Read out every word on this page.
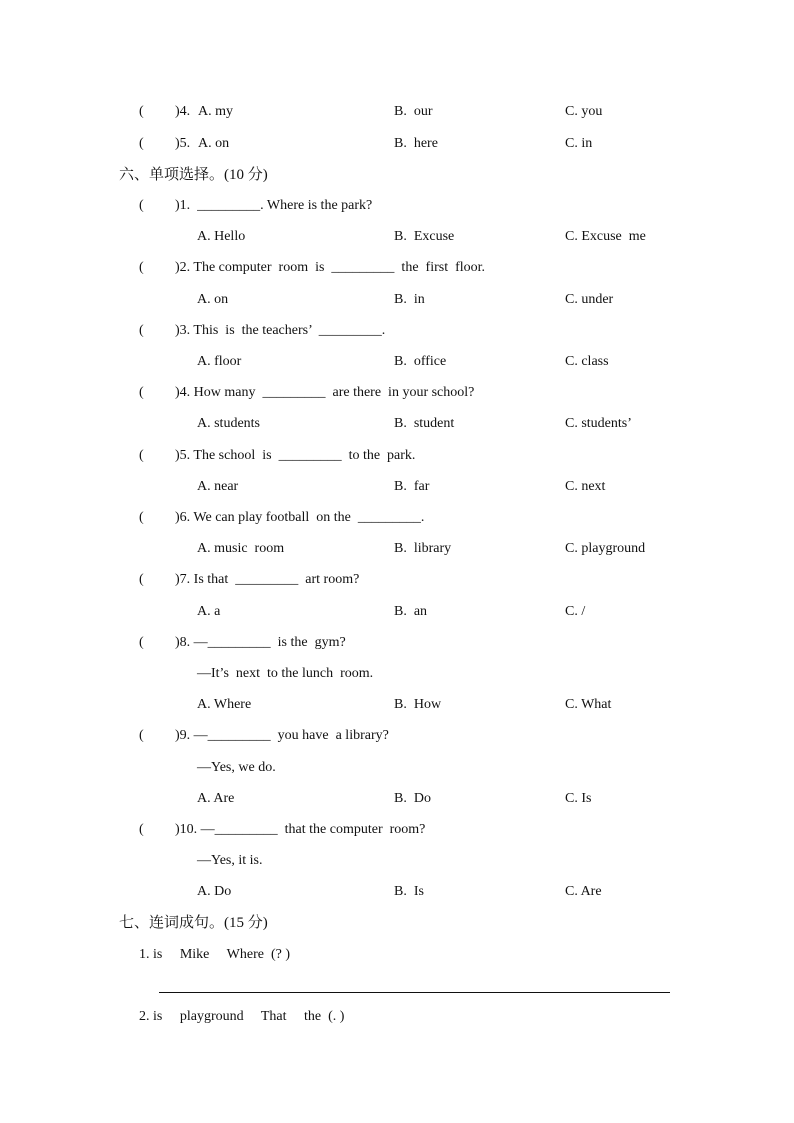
( )4. A. my	B.  our	C. you
( )5. A. on	B.  here	C. in
六、单项选择。(10 分)
( )1.  _________. Where is the park?
A. Hello	B.  Excuse	C. Excuse  me
( )2. The computer  room  is  _________  the  first  floor.
A. on	B.  in	C. under
( )3. This  is  the teachers’  _________.
A. floor	B.  office	C. class
( )4. How many  _________  are there  in your school?
A. students	B.  student	C. students’
( )5. The school  is  _________  to the  park.
A. near	B.  far	C. next
( )6. We can play football  on the  _________.
A. music  room	B.  library	C. playground
( )7. Is that  _________  art room?
A. a	B.  an	C. /
( )8. —_________  is the  gym?
—It’s  next  to the lunch  room.
A. Where	B.  How	C. What
( )9. —_________  you have  a library?
—Yes, we do.
A. Are	B.  Do	C. Is
( )10. —_________  that the computer  room?
—Yes, it is.
A. Do	B.  Is	C. Are
七、连词成句。(15 分)
1. is     Mike     Where  (? )
2. is     playground     That     the  (. )
